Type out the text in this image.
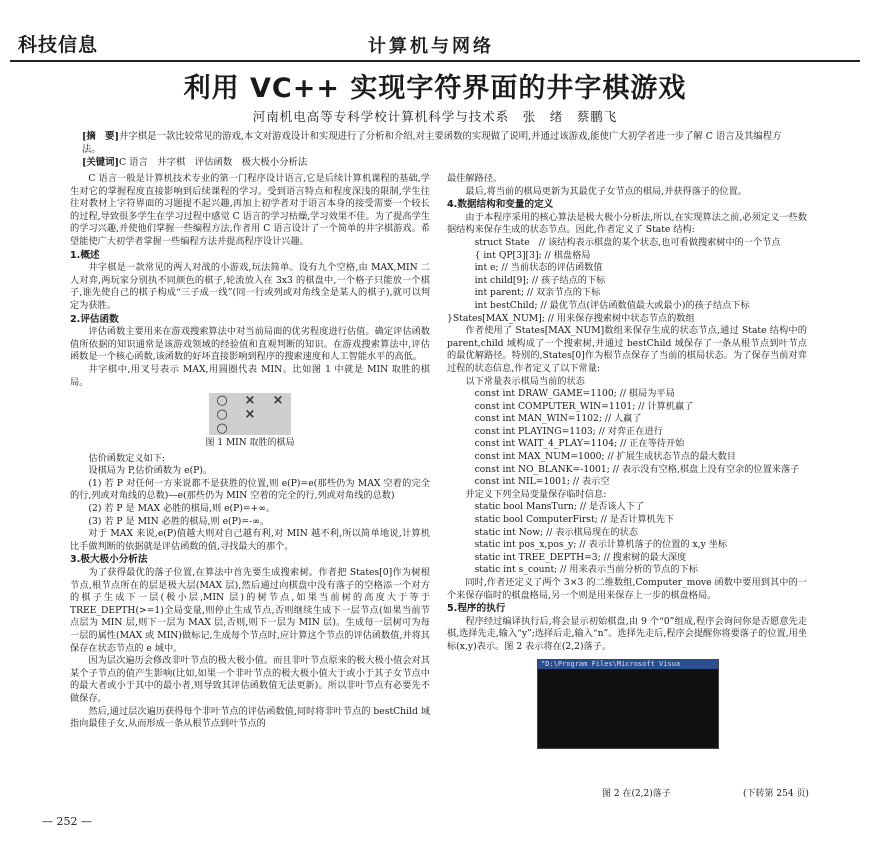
科技信息	计算机与网络
利用 VC++ 实现字符界面的井字棋游戏
河南机电高等专科学校计算机科学与技术系　张　绪　蔡鹏飞
[摘　要]井字棋是一款比较常见的游戏,本文对游戏设计和实现进行了分析和介绍,对主要函数的实现做了说明,并通过该游戏,能使广大初学者进一步了解 C 语言及其编程方法。
[关键词]C 语言　井字棋　评估函数　极大极小分析法

C 语言一般是计算机技术专业的第一门程序设计语言,它是后续计算机课程的基础,学生对它的掌握程度直接影响到后续课程的学习。受到语言特点和程度深浅的限制,学生往往对教材上字符界面的习题提不起兴趣,再加上初学者对于语言本身的接受需要一个较长的过程,导致很多学生在学习过程中感觉 C 语言的学习枯燥,学习效果不佳。为了提高学生的学习兴趣,并使他们掌握一些编程方法,作者用 C 语言设计了一个简单的井字棋游戏。希望能使广大初学者掌握一些编程方法并提高程序设计兴趣。

1.概述

井字棋是一款常见的两人对战的小游戏,玩法简单。设有九个空格,由 MAX,MIN 二人对弈,两玩家分别执不同颜色的棋子,轮流放入在 3x3 的棋盘中,一个格子只能放一个棋子,谁先使自己的棋子构成“三子成一线”(同一行或列或对角线全是某人的棋子),就可以判定为获胜。

2.评估函数

评估函数主要用来在游戏搜索算法中对当前局面的优劣程度进行估值。确定评估函数值所依据的知识通常是该游戏领域的经验值和直观判断的知识。在游戏搜索算法中,评估函数是一个核心函数,该函数的好坏直接影响到程序的搜索速度和人工智能水平的高低。

井字棋中,用叉号表示 MAX,用圆圈代表 MIN。比如图 1 中就是 MIN 取胜的棋局。

○	×	×
○	×
○

图 1 MIN 取胜的棋局

估价函数定义如下:

设棋局为 P,估价函数为 e(P)。

(1) 若 P 对任何一方来说都不是获胜的位置,则 e(P)=e(那些仍为 MAX 空着的完全的行,列或对角线的总数)—e(那些仍为 MIN 空着的完全的行,列或对角线的总数)

(2) 若 P 是 MAX 必胜的棋局,则 e(P)=+∞。

(3) 若 P 是 MIN 必胜的棋局,则 e(P)=-∞。

对于 MAX 来说,e(P)值越大则对自己越有利,对 MIN 越不利,所以简单地说,计算机比手做判断的依据就是评估函数的值,寻找最大的那个。

3.极大极小分析法

为了获得最优的落子位置,在算法中首先要生成搜索树。作者把 States[0]作为树根节点,根节点所在的层是极大层(MAX 层),然后通过向棋盘中没有落子的空格添一个对方的棋子生成下一层(极小层,MIN 层)的树节点,如果当前树的高度大于等于 TREE_DEPTH(>=1)全局变量,则停止生成节点,否则继续生成下一层节点(如果当前节点层为 MIN 层,则下一层为 MAX 层,否则,则下一层为 MIN 层)。生成每一层树可为每一层的属性(MAX 或 MIN)做标记,生成每个节点时,应计算这个节点的评估函数值,并将其保存在状态节点的 e 域中。

因为层次遍历会修改非叶节点的极大极小值。而且非叶节点原来的极大极小值会对其某个子节点的值产生影响(比如,如果一个非叶节点的极大极小值大于或小于其子女节点中的最大者或小于其中的最小者,则导致其评估函数值无法更新)。所以非叶节点有必要先不做保存。

然后,通过层次遍历获得每个非叶节点的评估函数值,同时将非叶节点的 bestChild 域指向最佳子女,从而形成一条从根节点到叶节点的

最佳解路径。

最后,将当前的棋局更新为其最优子女节点的棋局,并获得落子的位置。

4.数据结构和变量的定义

由于本程序采用的核心算法是极大极小分析法,所以,在实现算法之前,必须定义一些数据结构来保存生成的状态节点。因此,作者定义了 State 结构:

struct State　// 该结构表示棋盘的某个状态,也可看做搜索树中的一个节点

{ int QP[3][3]; // 棋盘格局

int e; // 当前状态的评估函数值

int child[9]; // 孩子结点的下标

int parent; // 双亲节点的下标

int bestChild; // 最优节点(评估函数值最大或最小)的孩子结点下标

}States[MAX_NUM]; // 用来保存搜索树中状态节点的数组

作者使用了 States[MAX_NUM]数组来保存生成的状态节点,通过 State 结构中的 parent,child 域构成了一个搜索树,并通过 bestChild 域保存了一条从根节点到叶节点的最优解路径。特别的,States[0]作为根节点保存了当前的棋局状态。为了保存当前对弈过程的状态信息,作者定义了以下常量:

以下常量表示棋局当前的状态

const int DRAW_GAME=1100; // 棋局为平局

const int COMPUTER_WIN=1101; // 计算机赢了

const int MAN_WIN=1102; // 人赢了

const int PLAYING=1103; // 对弈正在进行

const int WAIT_4_PLAY=1104; // 正在等待开始

const int MAX_NUM=1000; // 扩展生成状态节点的最大数目

const int NO_BLANK=-1001; // 表示没有空格,棋盘上没有空余的位置来落子

const int NIL=1001; // 表示空

并定义下列全局变量保存临时信息:

static bool MansTurn; // 是否该人下了

static bool ComputerFirst; // 是否计算机先下

static int Now; // 表示棋局现在的状态

static int pos_x,pos_y; // 表示计算机落子的位置的 x,y 坐标

static int TREE_DEPTH=3; // 搜索树的最大深度

static int s_count; // 用来表示当前分析的节点的下标

同时,作者还定义了两个 3×3 的二维数组,Computer_move 函数中要用到其中的一个来保存临时的棋盘格局,另一个则是用来保存上一步的棋盘格局。

5.程序的执行

程序经过编译执行后,将会显示初始棋盘,由 9 个“0”组成,程序会询问你是否愿意先走棋,选择先走,输入“y”;选择后走,输入“n”。选择先走后,程序会提醒你将要落子的位置,用坐标(x,y)表示。图 2 表示将在(2,2)落子。

"D:\Program Files\Microsoft Visua
图 2 在(2,2)落子	(下转第 254 页)
— 252 —
